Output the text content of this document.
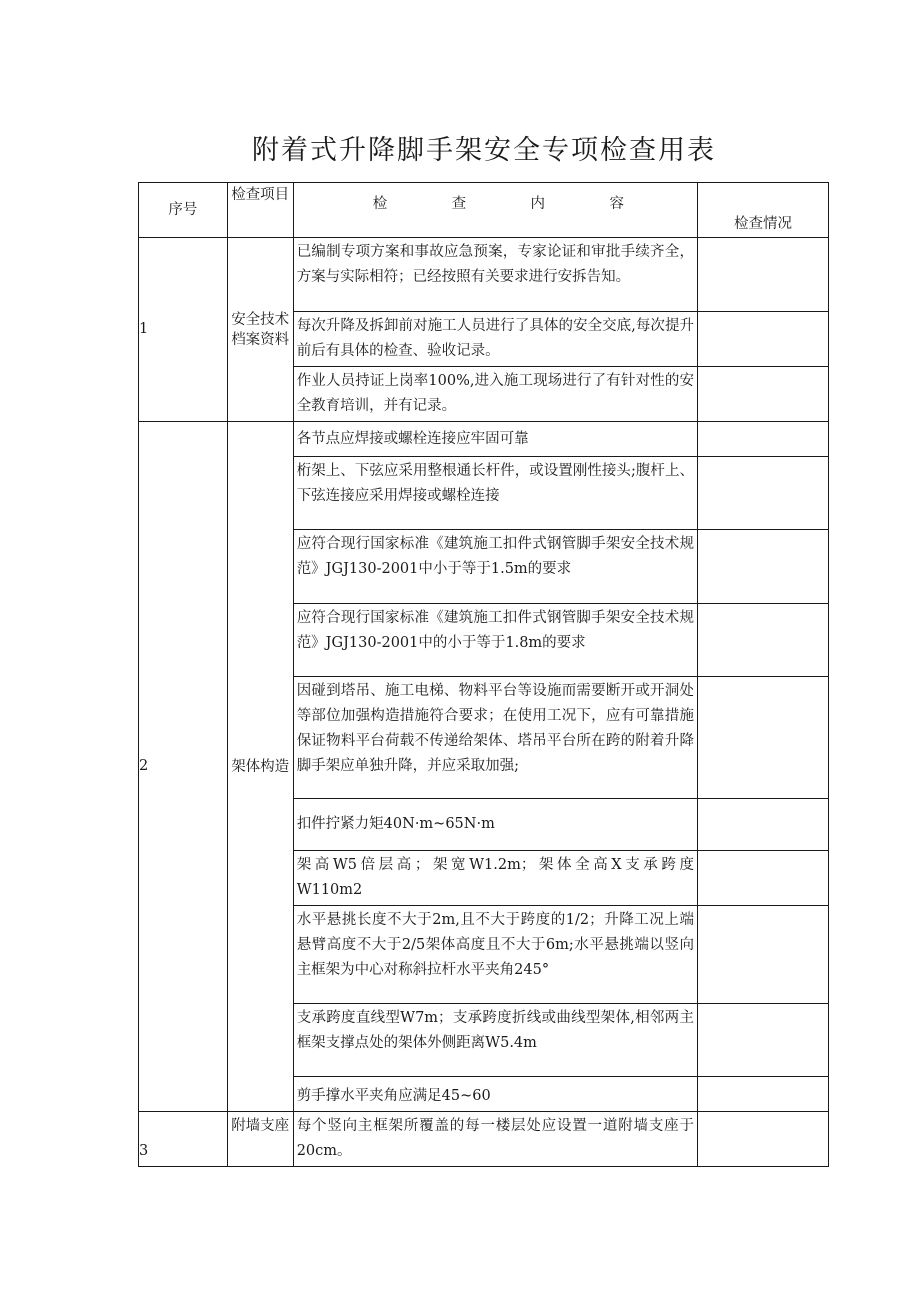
附着式升降脚手架安全专项检查用表
序号	检查项目	检 查 内 容	检查情况
1	安全技术档案资料	已编制专项方案和事故应急预案，专家论证和审批手续齐全，方案与实际相符；已经按照有关要求进行安拆告知。	
		每次升降及拆卸前对施工人员进行了具体的安全交底,每次提升前后有具体的检查、验收记录。	
		作业人员持证上岗率100%,进入施工现场进行了有针对性的安全教育培训，并有记录。	
2	架体构造	各节点应焊接或螺栓连接应牢固可靠	
		桁架上、下弦应采用整根通长杆件，或设置刚性接头;腹杆上、下弦连接应采用焊接或螺栓连接	
		应符合现行国家标准《建筑施工扣件式钢管脚手架安全技术规范》JGJ130-2001中小于等于1.5m的要求	
		应符合现行国家标准《建筑施工扣件式钢管脚手架安全技术规范》JGJ130-2001中的小于等于1.8m的要求	
		因碰到塔吊、施工电梯、物料平台等设施而需要断开或开洞处等部位加强构造措施符合要求；在使用工况下，应有可靠措施保证物料平台荷载不传递给架体、塔吊平台所在跨的附着升降脚手架应单独升降，并应采取加强;	
		扣件拧紧力矩40N·m~65N·m	
		架高W5倍层高；架宽W1.2m；架体全高X支承跨度W110m2	
		水平悬挑长度不大于2m,且不大于跨度的1/2；升降工况上端悬臂高度不大于2/5架体高度且不大于6m;水平悬挑端以竖向主框架为中心对称斜拉杆水平夹角245°	
		支承跨度直线型W7m；支承跨度折线或曲线型架体,相邻两主框架支撑点处的架体外侧距离W5.4m	
		剪手撑水平夹角应满足45~60	
3	附墙支座	每个竖向主框架所覆盖的每一楼层处应设置一道附墙支座于20cm。	
